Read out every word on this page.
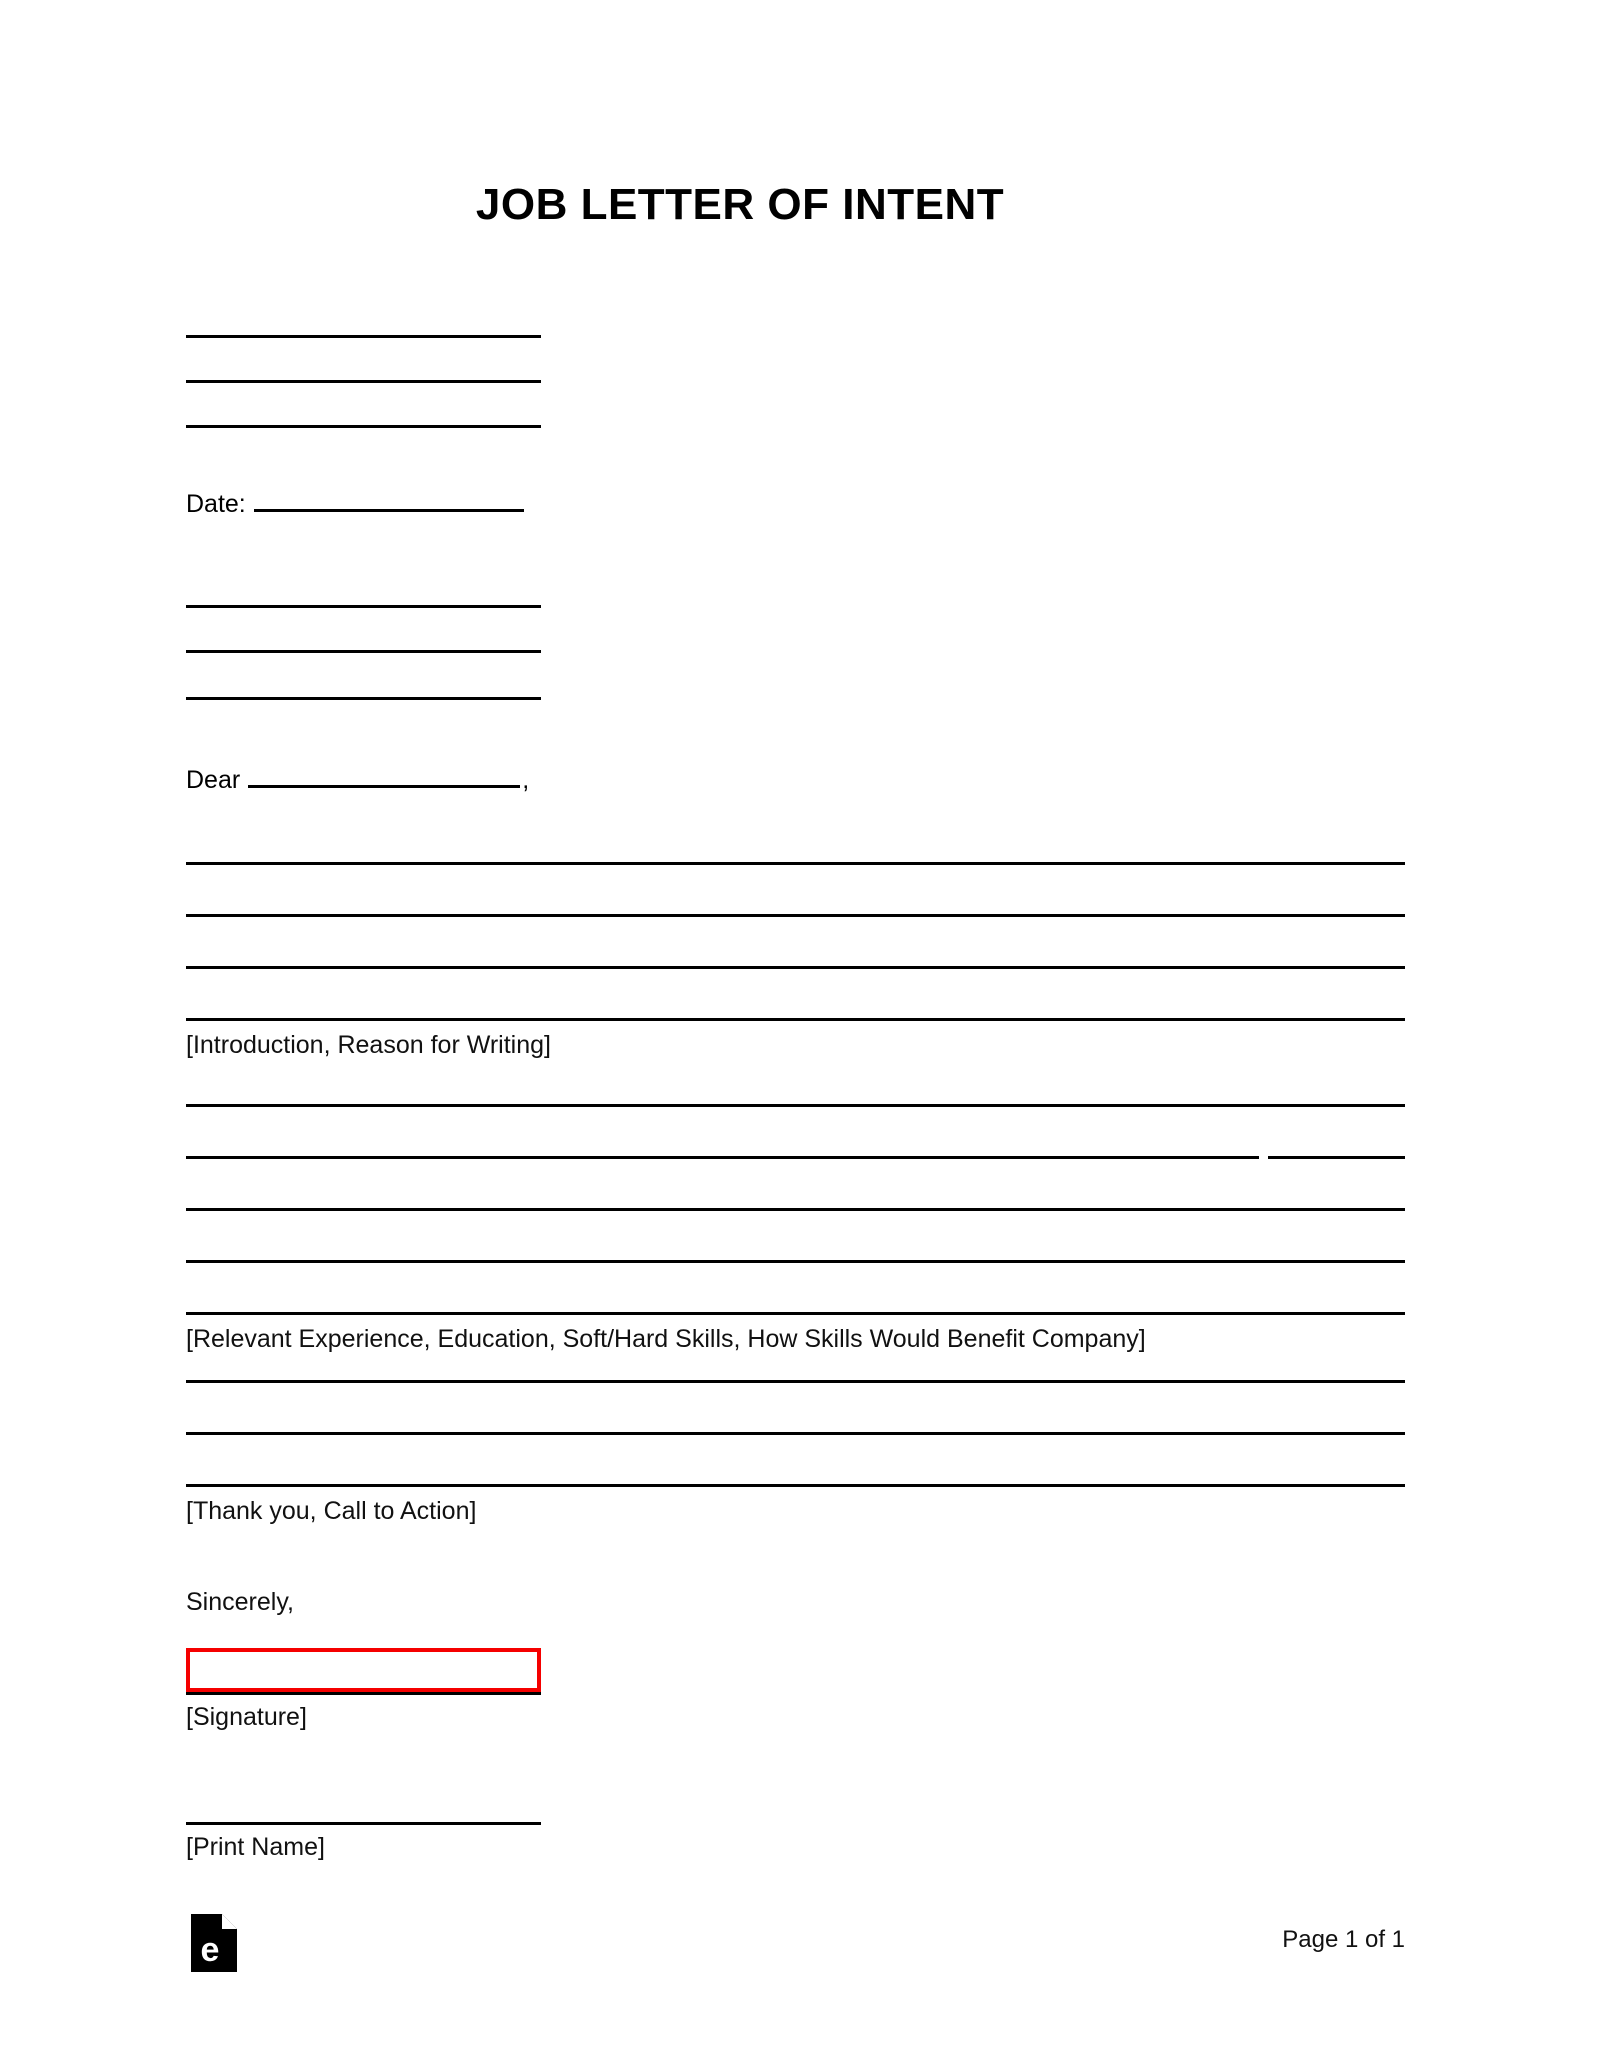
JOB LETTER OF INTENT
Date:
Dear	,
[Introduction, Reason for Writing]
[Relevant Experience, Education, Soft/Hard Skills, How Skills Would Benefit Company]
[Thank you, Call to Action]
Sincerely,
[Signature]
[Print Name]
e	Page 1 of 1
